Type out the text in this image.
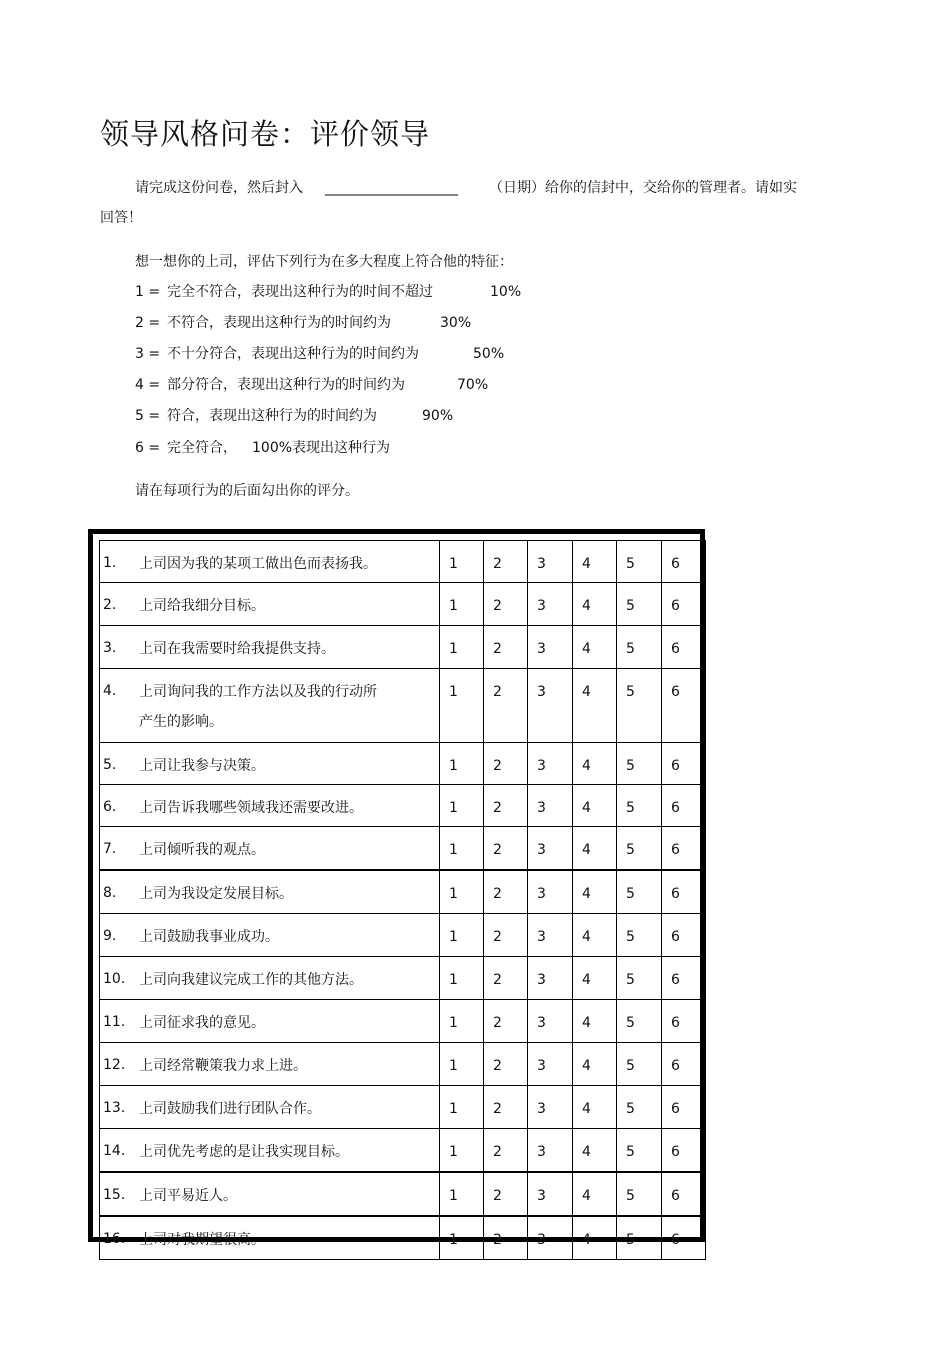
领导风格问卷：评价领导
请完成这份问卷，然后封入 ___________________ （日期）给你的信封中，交给你的管理者。请如实
回答！
想一想你的上司，评估下列行为在多大程度上符合他的特征：
1 = 完全不符合，表现出这种行为的时间不超过	10%
2 = 不符合，表现出这种行为的时间约为	30%
3 = 不十分符合，表现出这种行为的时间约为	50%
4 = 部分符合，表现出这种行为的时间约为	70%
5 = 符合，表现出这种行为的时间约为	90%
6 = 完全符合， 100%表现出这种行为
请在每项行为的后面勾出你的评分。
1. 上司因为我的某项工做出色而表扬我。	1	2	3	4	5	6

2. 上司给我细分目标。	1	2	3	4	5	6

3. 上司在我需要时给我提供支持。	1	2	3	4	5	6

4. 上司询问我的工作方法以及我的行动所
产生的影响。	1	2	3	4	5	6

5. 上司让我参与决策。	1	2	3	4	5	6

6. 上司告诉我哪些领域我还需要改进。	1	2	3	4	5	6

7. 上司倾听我的观点。	1	2	3	4	5	6

8. 上司为我设定发展目标。	1	2	3	4	5	6

9. 上司鼓励我事业成功。	1	2	3	4	5	6

10. 上司向我建议完成工作的其他方法。	1	2	3	4	5	6

11. 上司征求我的意见。	1	2	3	4	5	6

12. 上司经常鞭策我力求上进。	1	2	3	4	5	6

13. 上司鼓励我们进行团队合作。	1	2	3	4	5	6

14. 上司优先考虑的是让我实现目标。	1	2	3	4	5	6

15. 上司平易近人。	1	2	3	4	5	6

16. 上司对我期望很高。	1	2	3	4	5	6
